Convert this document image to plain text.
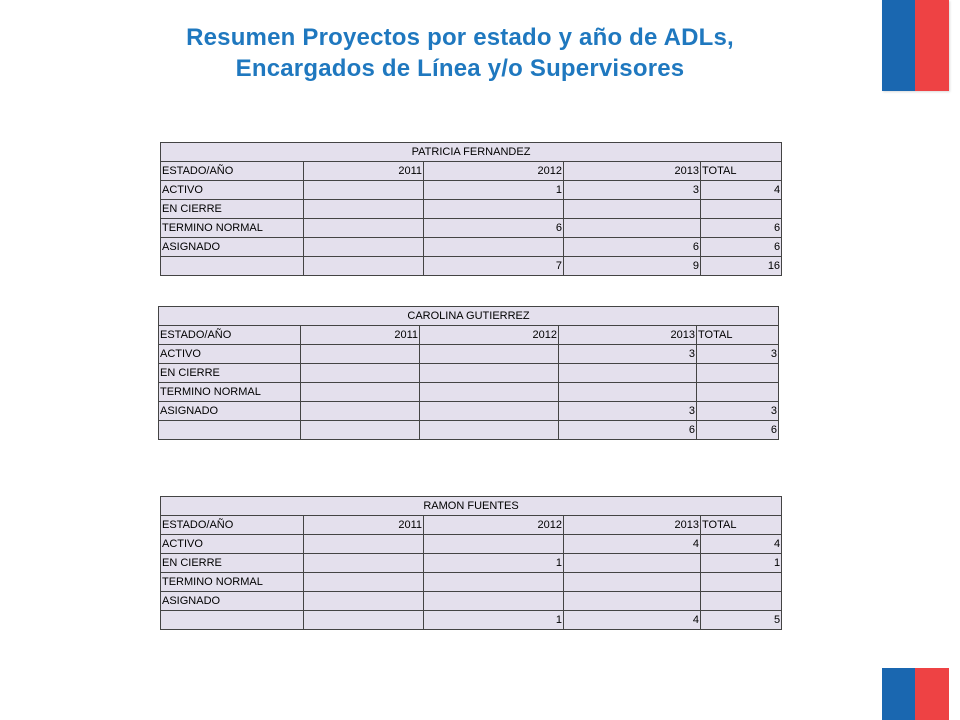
Resumen Proyectos por estado y año de ADLs,
Encargados de Línea y/o Supervisores
PATRICIA FERNANDEZ				
ESTADO/AÑO	2011	2012	2013	TOTAL
ACTIVO		1	3	4
EN CIERRE				
TERMINO NORMAL		6		6
ASIGNADO			6	6
		7	9	16
CAROLINA GUTIERREZ				
ESTADO/AÑO	2011	2012	2013	TOTAL
ACTIVO			3	3
EN CIERRE				
TERMINO NORMAL				
ASIGNADO			3	3
			6	6
RAMON FUENTES				
ESTADO/AÑO	2011	2012	2013	TOTAL
ACTIVO			4	4
EN CIERRE		1		1
TERMINO NORMAL				
ASIGNADO				
		1	4	5
